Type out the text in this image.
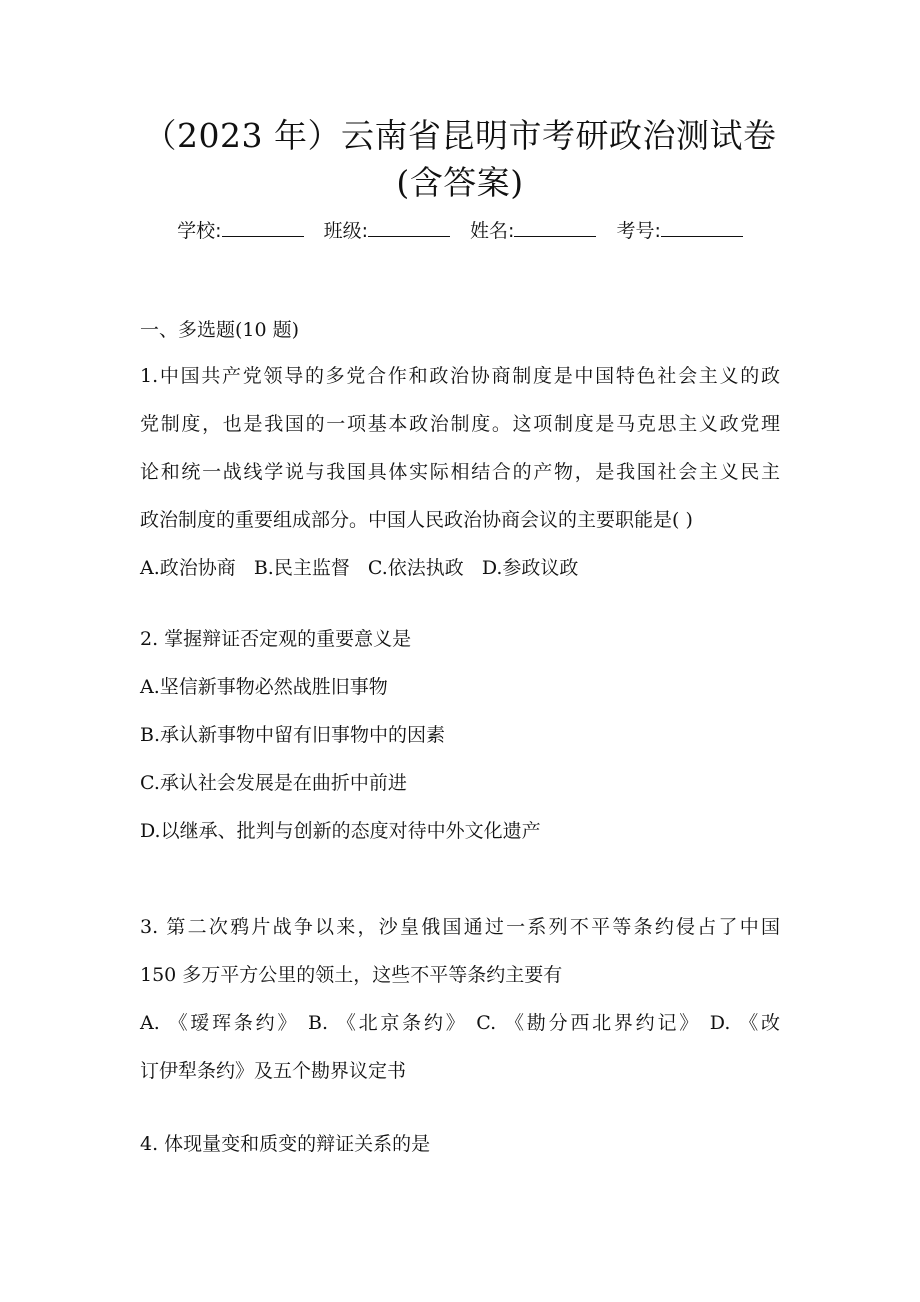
（2023 年）云南省昆明市考研政治测试卷
(含答案)
学校:	班级:	姓名:	考号:
一、多选题(10 题)
1.中国共产党领导的多党合作和政治协商制度是中国特色社会主义的政
党制度，也是我国的一项基本政治制度。这项制度是马克思主义政党理
论和统一战线学说与我国具体实际相结合的产物，是我国社会主义民主
政治制度的重要组成部分。中国人民政治协商会议的主要职能是( )
A.政治协商 B.民主监督 C.依法执政 D.参政议政
2. 掌握辩证否定观的重要意义是
A.坚信新事物必然战胜旧事物
B.承认新事物中留有旧事物中的因素
C.承认社会发展是在曲折中前进
D.以继承、批判与创新的态度对待中外文化遗产
3. 第二次鸦片战争以来，沙皇俄国通过一系列不平等条约侵占了中国
150 多万平方公里的领土，这些不平等条约主要有
A. 《瑷珲条约》 B. 《北京条约》 C. 《勘分西北界约记》 D. 《改
订伊犁条约》及五个勘界议定书
4. 体现量变和质变的辩证关系的是
